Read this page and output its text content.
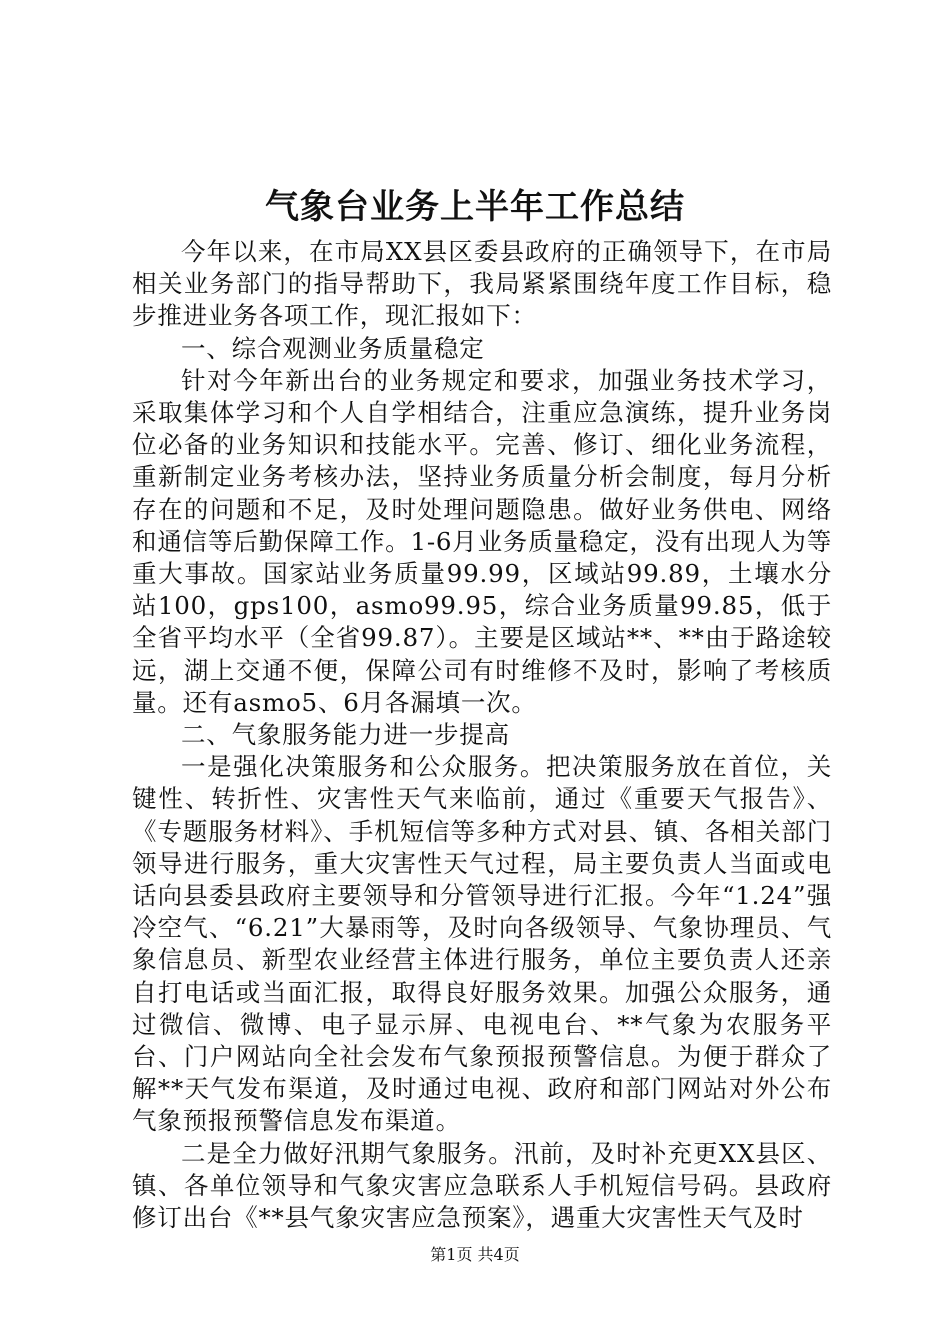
气象台业务上半年工作总结

今年以来，在市局XX县区委县政府的正确领导下，在市局相关业务部门的指导帮助下，我局紧紧围绕年度工作目标，稳步推进业务各项工作，现汇报如下：

一、综合观测业务质量稳定

针对今年新出台的业务规定和要求，加强业务技术学习，采取集体学习和个人自学相结合，注重应急演练，提升业务岗位必备的业务知识和技能水平。完善、修订、细化业务流程，重新制定业务考核办法，坚持业务质量分析会制度，每月分析存在的问题和不足，及时处理问题隐患。做好业务供电、网络和通信等后勤保障工作。1-6月业务质量稳定，没有出现人为等重大事故。国家站业务质量99.99，区域站99.89，土壤水分站100，gps100，asmo99.95，综合业务质量99.85，低于全省平均水平（全省99.87）。主要是区域站**、**由于路途较远，湖上交通不便，保障公司有时维修不及时，影响了考核质量。还有asmo5、6月各漏填一次。

二、气象服务能力进一步提高

一是强化决策服务和公众服务。把决策服务放在首位，关键性、转折性、灾害性天气来临前，通过《重要天气报告》、《专题服务材料》、手机短信等多种方式对县、镇、各相关部门领导进行服务，重大灾害性天气过程，局主要负责人当面或电话向县委县政府主要领导和分管领导进行汇报。今年“1.24”强冷空气、“6.21”大暴雨等，及时向各级领导、气象协理员、气象信息员、新型农业经营主体进行服务，单位主要负责人还亲自打电话或当面汇报，取得良好服务效果。加强公众服务，通过微信、微博、电子显示屏、电视电台、**气象为农服务平台、门户网站向全社会发布气象预报预警信息。为便于群众了解**天气发布渠道，及时通过电视、政府和部门网站对外公布气象预报预警信息发布渠道。

二是全力做好汛期气象服务。汛前，及时补充更XX县区、镇、各单位领导和气象灾害应急联系人手机短信号码。县政府修订出台《**县气象灾害应急预案》，遇重大灾害性天气及时

第1页 共4页
